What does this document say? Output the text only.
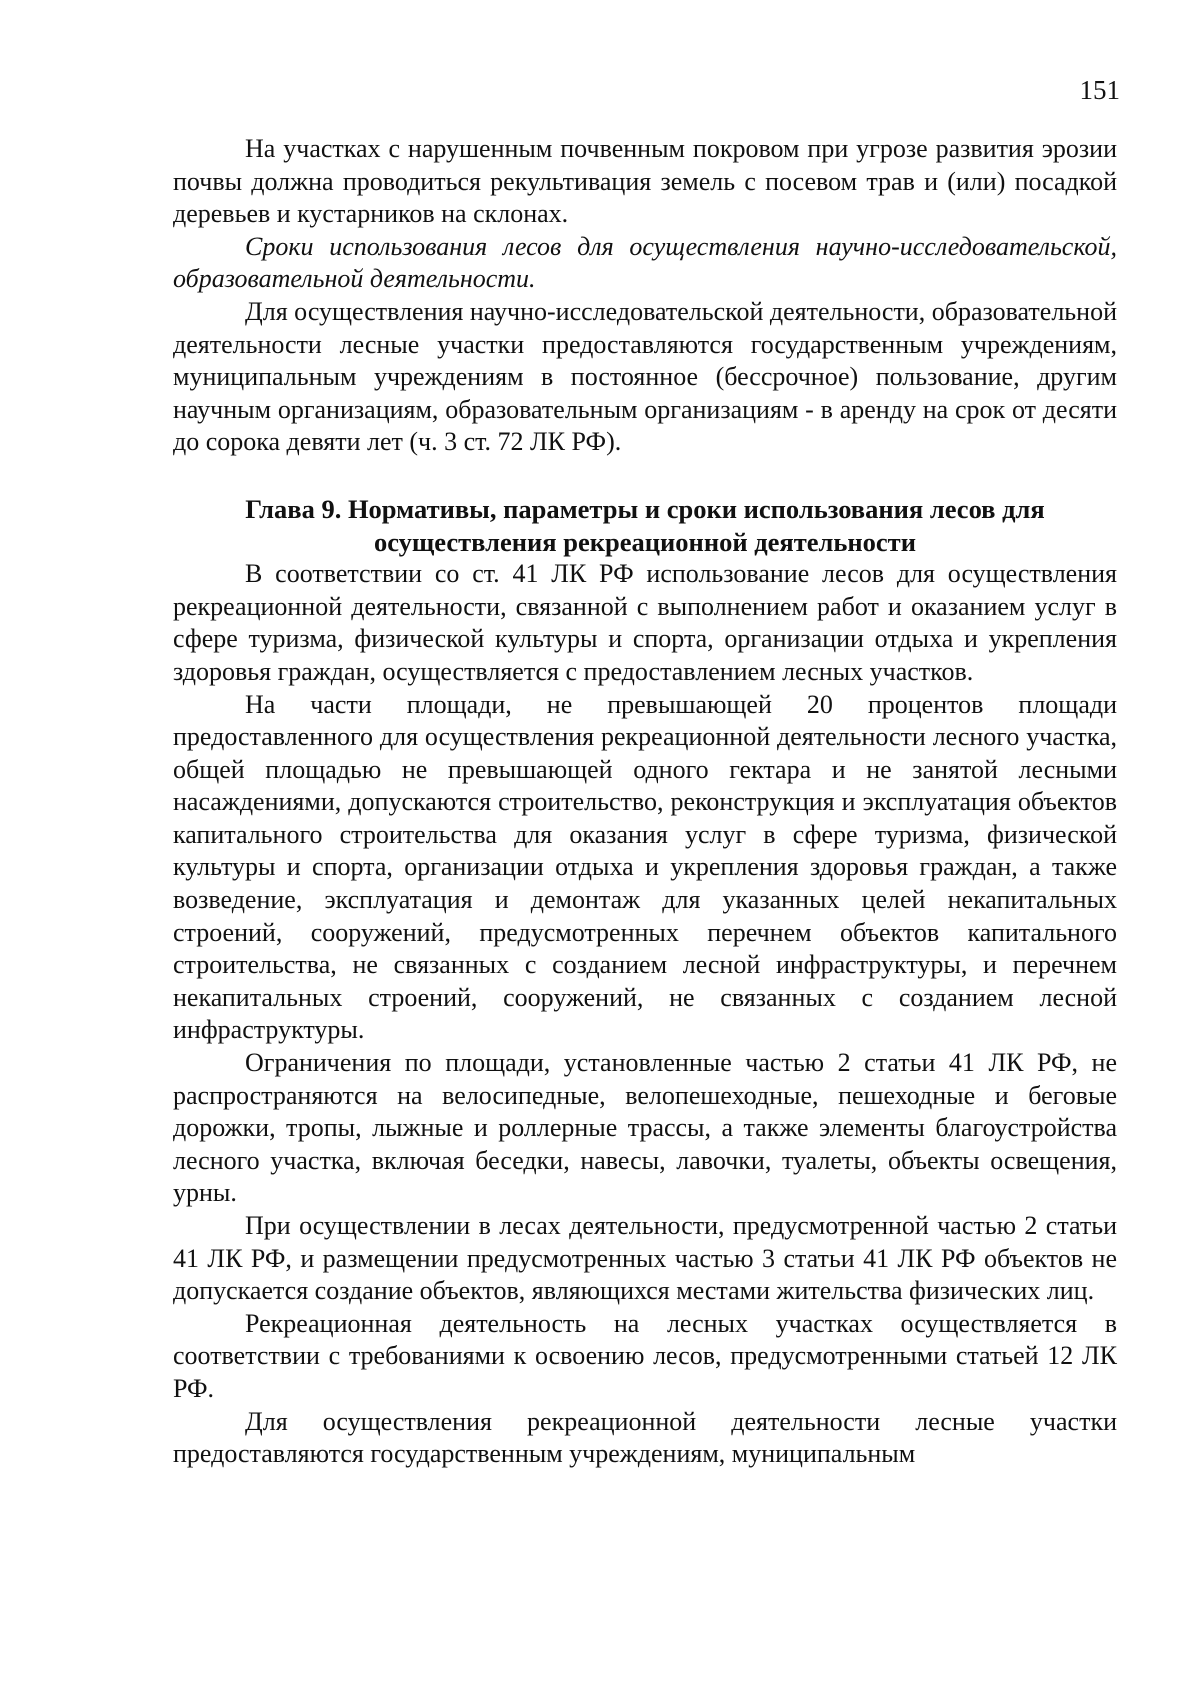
151

На участках с нарушенным почвенным покровом при угрозе развития эрозии почвы должна проводиться рекультивация земель с посевом трав и (или) посадкой деревьев и кустарников на склонах.

Сроки использования лесов для осуществления научно-исследовательской, образовательной деятельности.

Для осуществления научно-исследовательской деятельности, образовательной деятельности лесные участки предоставляются государственным учреждениям, муниципальным учреждениям в постоянное (бессрочное) пользование, другим научным организациям, образовательным организациям - в аренду на срок от десяти до сорока девяти лет (ч. 3 ст. 72 ЛК РФ).

Глава 9. Нормативы, параметры и сроки использования лесов для осуществления рекреационной деятельности

В соответствии со ст. 41 ЛК РФ использование лесов для осуществления рекреационной деятельности, связанной с выполнением работ и оказанием услуг в сфере туризма, физической культуры и спорта, организации отдыха и укрепления здоровья граждан, осуществляется с предоставлением лесных участков.

На части площади, не превышающей 20 процентов площади предоставленного для осуществления рекреационной деятельности лесного участка, общей площадью не превышающей одного гектара и не занятой лесными насаждениями, допускаются строительство, реконструкция и эксплуатация объектов капитального строительства для оказания услуг в сфере туризма, физической культуры и спорта, организации отдыха и укрепления здоровья граждан, а также возведение, эксплуатация и демонтаж для указанных целей некапитальных строений, сооружений, предусмотренных перечнем объектов капитального строительства, не связанных с созданием лесной инфраструктуры, и перечнем некапитальных строений, сооружений, не связанных с созданием лесной инфраструктуры.

Ограничения по площади, установленные частью 2 статьи 41 ЛК РФ, не распространяются на велосипедные, велопешеходные, пешеходные и беговые дорожки, тропы, лыжные и роллерные трассы, а также элементы благоустройства лесного участка, включая беседки, навесы, лавочки, туалеты, объекты освещения, урны.

При осуществлении в лесах деятельности, предусмотренной частью 2 статьи 41 ЛК РФ, и размещении предусмотренных частью 3 статьи 41 ЛК РФ объектов не допускается создание объектов, являющихся местами жительства физических лиц.

Рекреационная деятельность на лесных участках осуществляется в соответствии с требованиями к освоению лесов, предусмотренными статьей 12 ЛК РФ.

Для осуществления рекреационной деятельности лесные участки предоставляются государственным учреждениям, муниципальным
